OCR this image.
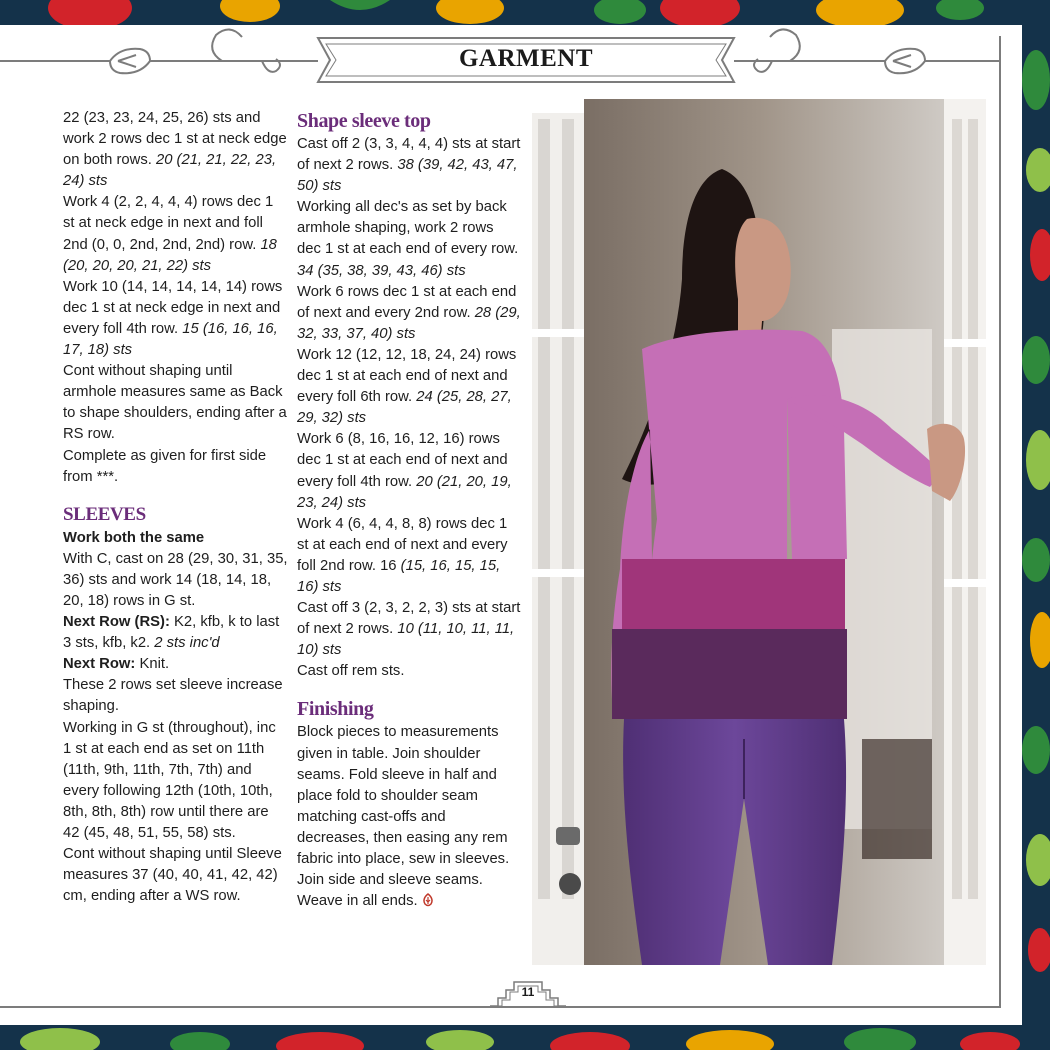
GARMENT

22 (23, 23, 24, 25, 26) sts and work 2 rows dec 1 st at neck edge on both rows. 20 (21, 21, 22, 23, 24) sts

Work 4 (2, 2, 4, 4, 4) rows dec 1 st at neck edge in next and foll 2nd (0, 0, 2nd, 2nd, 2nd) row. 18 (20, 20, 20, 21, 22) sts

Work 10 (14, 14, 14, 14, 14) rows dec 1 st at neck edge in next and every foll 4th row. 15 (16, 16, 16, 17, 18) sts

Cont without shaping until armhole measures same as Back to shape shoulders, ending after a RS row.

Complete as given for first side from ***.

SLEEVES

Work both the same

With C, cast on 28 (29, 30, 31, 35, 36) sts and work 14 (18, 14, 18, 20, 18) rows in G st.

Next Row (RS): K2, kfb, k to last 3 sts, kfb, k2. 2 sts inc'd

Next Row: Knit.

These 2 rows set sleeve increase shaping.

Working in G st (throughout), inc 1 st at each end as set on 11th (11th, 9th, 11th, 7th, 7th) and every following 12th (10th, 10th, 8th, 8th, 8th) row until there are 42 (45, 48, 51, 55, 58) sts.

Cont without shaping until Sleeve measures 37 (40, 40, 41, 42, 42) cm, ending after a WS row.

Shape sleeve top

Cast off 2 (3, 3, 4, 4, 4) sts at start of next 2 rows. 38 (39, 42, 43, 47, 50) sts

Working all dec's as set by back armhole shaping, work 2 rows dec 1 st at each end of every row. 34 (35, 38, 39, 43, 46) sts

Work 6 rows dec 1 st at each end of next and every 2nd row. 28 (29, 32, 33, 37, 40) sts

Work 12 (12, 12, 18, 24, 24) rows dec 1 st at each end of next and every foll 6th row. 24 (25, 28, 27, 29, 32) sts

Work 6 (8, 16, 16, 12, 16) rows dec 1 st at each end of next and every foll 4th row. 20 (21, 20, 19, 23, 24) sts

Work 4 (6, 4, 4, 8, 8) rows dec 1 st at each end of next and every foll 2nd row. 16 (15, 16, 15, 15, 16) sts

Cast off 3 (2, 3, 2, 2, 3) sts at start of next 2 rows. 10 (11, 10, 11, 11, 10) sts

Cast off rem sts.

Finishing

Block pieces to measurements given in table. Join shoulder seams. Fold sleeve in half and place fold to shoulder seam matching cast-offs and decreases, then easing any rem fabric into place, sew in sleeves. Join side and sleeve seams. Weave in all ends.

11
